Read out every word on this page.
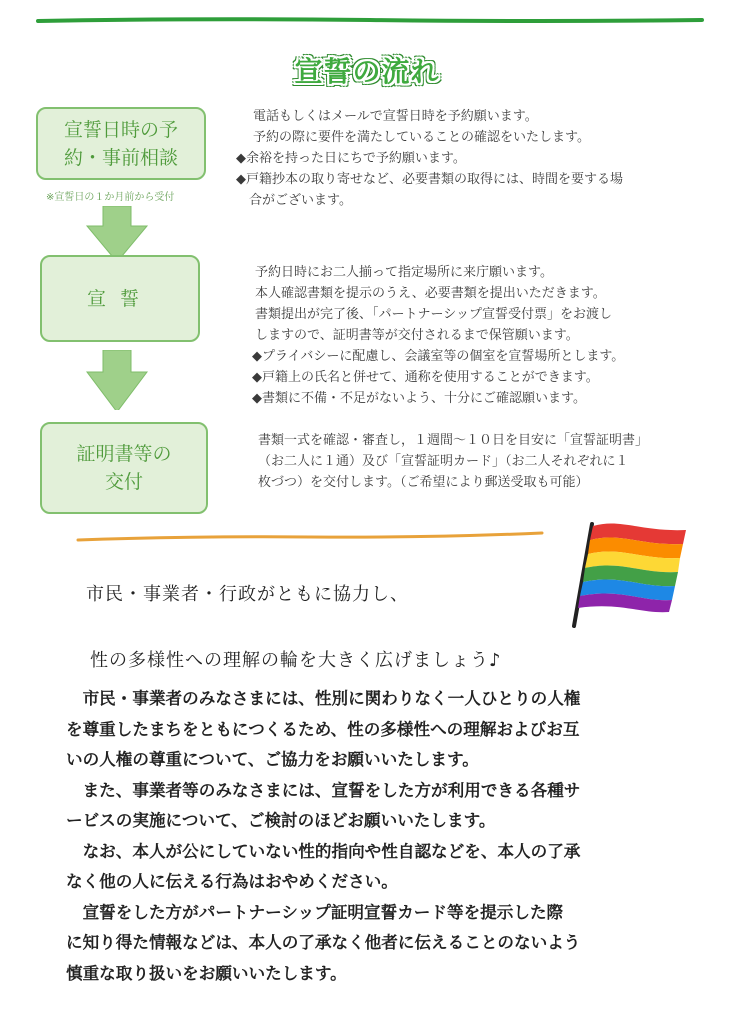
宣誓の流れ
宣誓日時の予
約・事前相談
※宣誓日の１か月前から受付
電話もしくはメールで宣誓日時を予約願います。
予約の際に要件を満たしていることの確認をいたします。
◆余裕を持った日にちで予約願います。
◆戸籍抄本の取り寄せなど、必要書類の取得には、時間を要する場
合がございます。
宣誓
予約日時にお二人揃って指定場所に来庁願います。
本人確認書類を提示のうえ、必要書類を提出いただきます。
書類提出が完了後、「パートナーシップ宣誓受付票」をお渡し
しますので、証明書等が交付されるまで保管願います。
◆プライバシーに配慮し、会議室等の個室を宣誓場所とします。
◆戸籍上の氏名と併せて、通称を使用することができます。
◆書類に不備・不足がないよう、十分にご確認願います。
証明書等の
交付
書類一式を確認・審査し，１週間～１０日を目安に「宣誓証明書」
（お二人に１通）及び「宣誓証明カード」（お二人それぞれに１
枚づつ）を交付します。（ご希望により郵送受取も可能）
市民・事業者・行政がともに協力し、
性の多様性への理解の輪を大きく広げましょう♪
　市民・事業者のみなさまには、性別に関わりなく一人ひとりの人権
を尊重したまちをともにつくるため、性の多様性への理解およびお互
いの人権の尊重について、ご協力をお願いいたします。
　また、事業者等のみなさまには、宣誓をした方が利用できる各種サ
ービスの実施について、ご検討のほどお願いいたします。
　なお、本人が公にしていない性的指向や性自認などを、本人の了承
なく他の人に伝える行為はおやめください。
　宣誓をした方がパートナーシップ証明宣誓カード等を提示した際
に知り得た情報などは、本人の了承なく他者に伝えることのないよう
慎重な取り扱いをお願いいたします。
